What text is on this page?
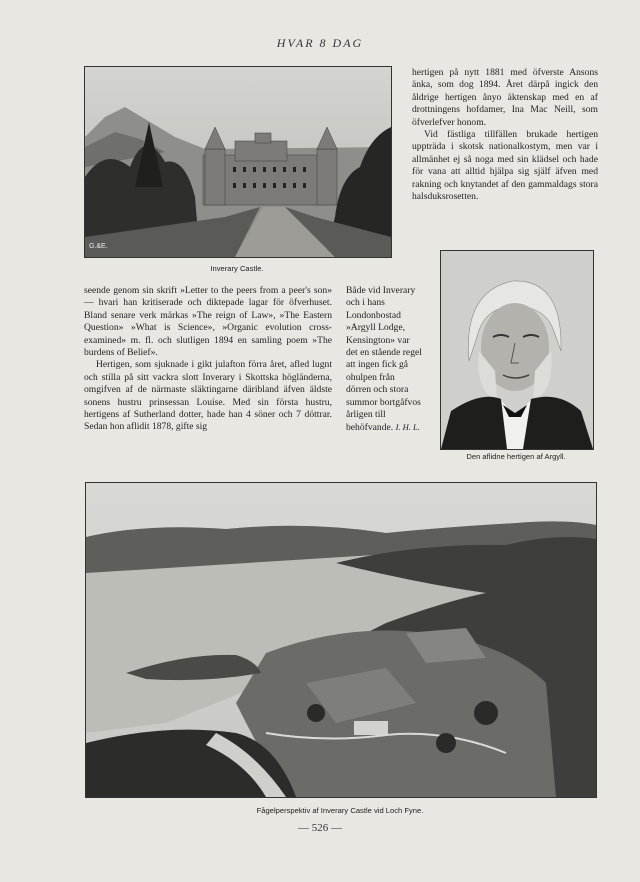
HVAR 8 DAG
G.&E.
Inverary Castle.

hertigen på nytt 1881 med öfverste Ansons änka, som dog 1894. Året därpå ingick den åldrige hertigen ånyo äktenskap med en af drottningens hofdamer, Ina Mac Neill, som öfverlefver honom.

Vid fästliga tillfällen brukade hertigen uppträda i skotsk nationalkostym, men var i allmänhet ej så noga med sin klädsel och hade för vana att alltid hjälpa sig själf äfven med rakning och knytandet af den gammaldags stora halsduksrosetten.

seende genom sin skrift »Letter to the peers from a peer's son» — hvari han kritiserade och diktерade lagar för öfverhuset. Bland senare verk märkas »The reign of Law», »The Eastern Question» »What is Science», »Organic evolution cross-examined» m. fl. och slutligen 1894 en samling poem »The burdens of Belief».

Hertigen, som sjuknade i gikt julafton förra året, afled lugnt och stilla på sitt vackra slott Inverary i Skottska högländerna, omgifven af de närmaste släktingarne däribland äfven äldste sonens hustru prinsessan Louise. Med sin första hustru, hertigens af Sutherland dotter, hade han 4 söner och 7 döttrar. Sedan hon aflidit 1878, gifte sig

Både vid Inverary och i hans Londonbostad »Argyll Lodge, Kensington» var det en stående regel att ingen fick gå ohulpen från dörren och stora summor bortgåfvos årligen till behöfvande. I. H. L.
Den aflidne hertigen af Argyll.
Fågelperspektiv af Inverary Castle vid Loch Fyne.
— 526 —
